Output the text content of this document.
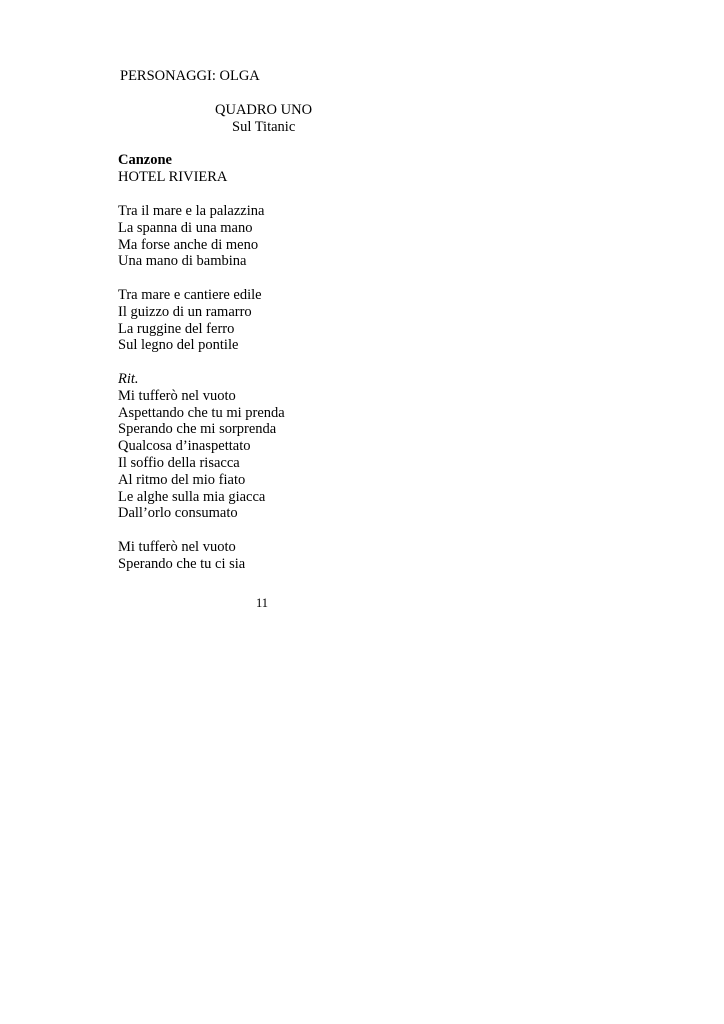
PERSONAGGI: OLGA

QUADRO UNO

Sul Titanic

Canzone

HOTEL RIVIERA

Tra il mare e la palazzina
La spanna di una mano
Ma forse anche di meno
Una mano di bambina
Tra mare e cantiere edile
Il guizzo di un ramarro
La ruggine del ferro
Sul legno del pontile
Rit.
Mi tufferò nel vuoto
Aspettando che tu mi prenda
Sperando che mi sorprenda
Qualcosa d’inaspettato
Il soffio della risacca
Al ritmo del mio fiato
Le alghe sulla mia giacca
Dall’orlo consumato
Mi tufferò nel vuoto
Sperando che tu ci sia
11
